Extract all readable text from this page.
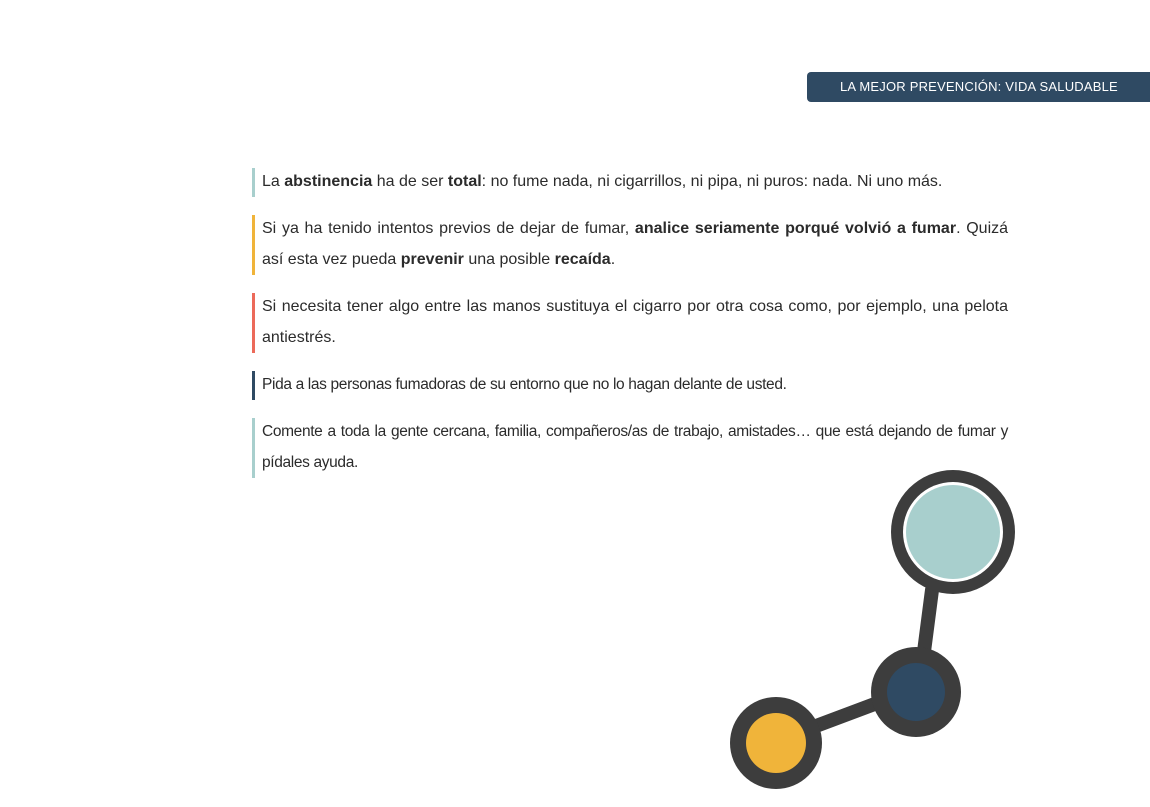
LA MEJOR PREVENCIÓN: VIDA SALUDABLE
La abstinencia ha de ser total: no fume nada, ni cigarrillos, ni pipa, ni puros: nada. Ni uno más.
Si ya ha tenido intentos previos de dejar de fumar, analice seriamente porqué volvió a fumar. Quizá así esta vez pueda prevenir una posible recaída.
Si necesita tener algo entre las manos sustituya el cigarro por otra cosa como, por ejemplo, una pelota antiestrés.
Pida a las personas fumadoras de su entorno que no lo hagan delante de usted.
Comente a toda la gente cercana, familia, compañeros/as de trabajo, amistades… que está dejando de fumar y pídales ayuda.
